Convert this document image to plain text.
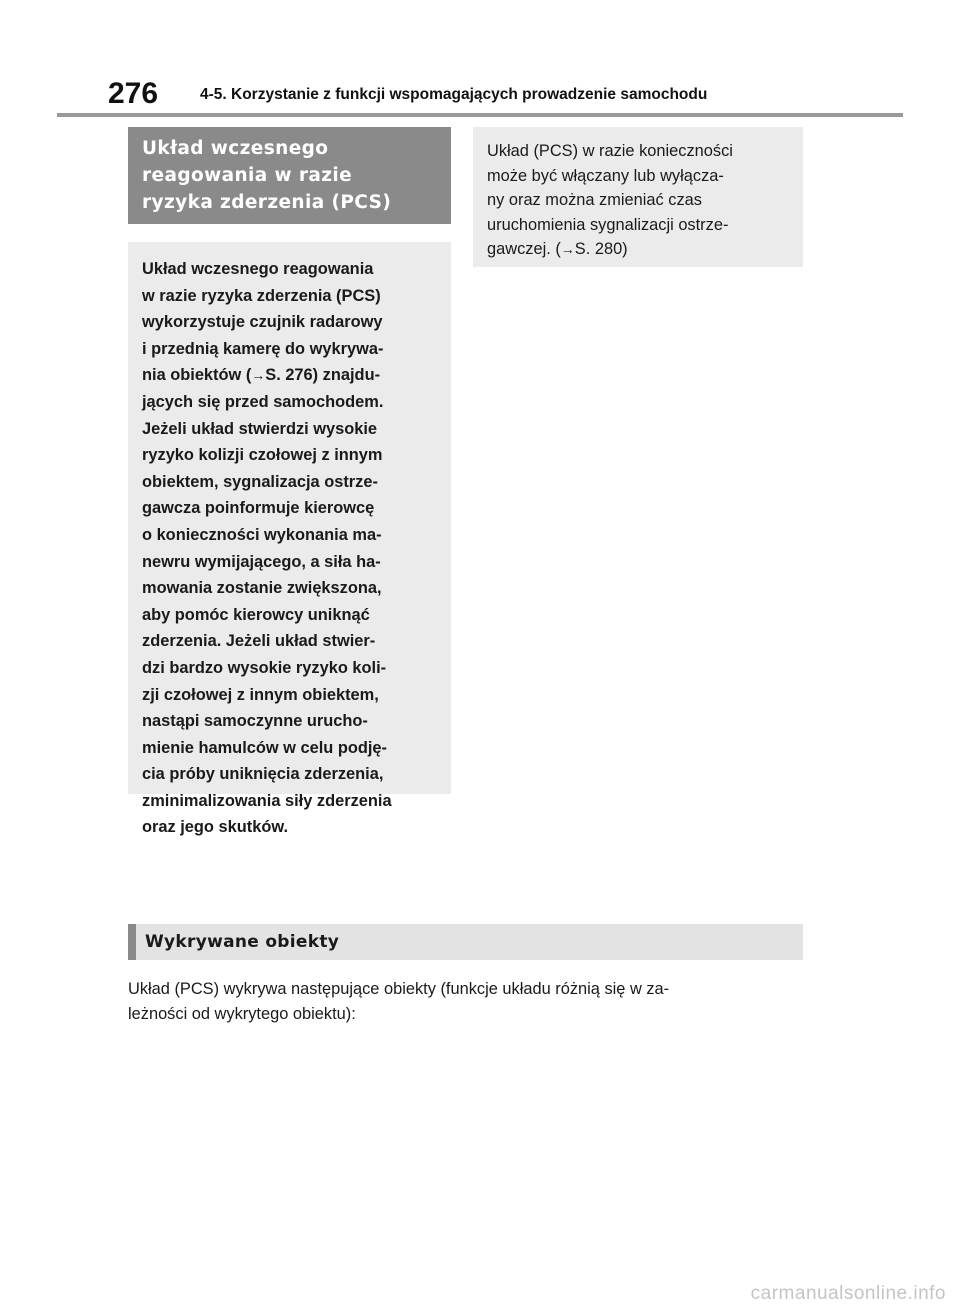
276	4-5. Korzystanie z funkcji wspomagających prowadzenie samochodu
Układ wczesnego
reagowania w razie
ryzyka zderzenia (PCS)
Układ wczesnego reagowania
w razie ryzyka zderzenia (PCS)
wykorzystuje czujnik radarowy
i przednią kamerę do wykrywa-
nia obiektów (→S. 276) znajdu-
jących się przed samochodem.
Jeżeli układ stwierdzi wysokie
ryzyko kolizji czołowej z innym
obiektem, sygnalizacja ostrze-
gawcza poinformuje kierowcę
o konieczności wykonania ma-
newru wymijającego, a siła ha-
mowania zostanie zwiększona,
aby pomóc kierowcy uniknąć
zderzenia. Jeżeli układ stwier-
dzi bardzo wysokie ryzyko koli-
zji czołowej z innym obiektem,
nastąpi samoczynne urucho-
mienie hamulców w celu podję-
cia próby uniknięcia zderzenia,
zminimalizowania siły zderzenia
oraz jego skutków.
Układ (PCS) w razie konieczności
może być włączany lub wyłącza-
ny oraz można zmieniać czas
uruchomienia sygnalizacji ostrze-
gawczej. (→S. 280)
Wykrywane obiekty
Układ (PCS) wykrywa następujące obiekty (funkcje układu różnią się w za-
leżności od wykrytego obiektu):
carmanualsonline.info
